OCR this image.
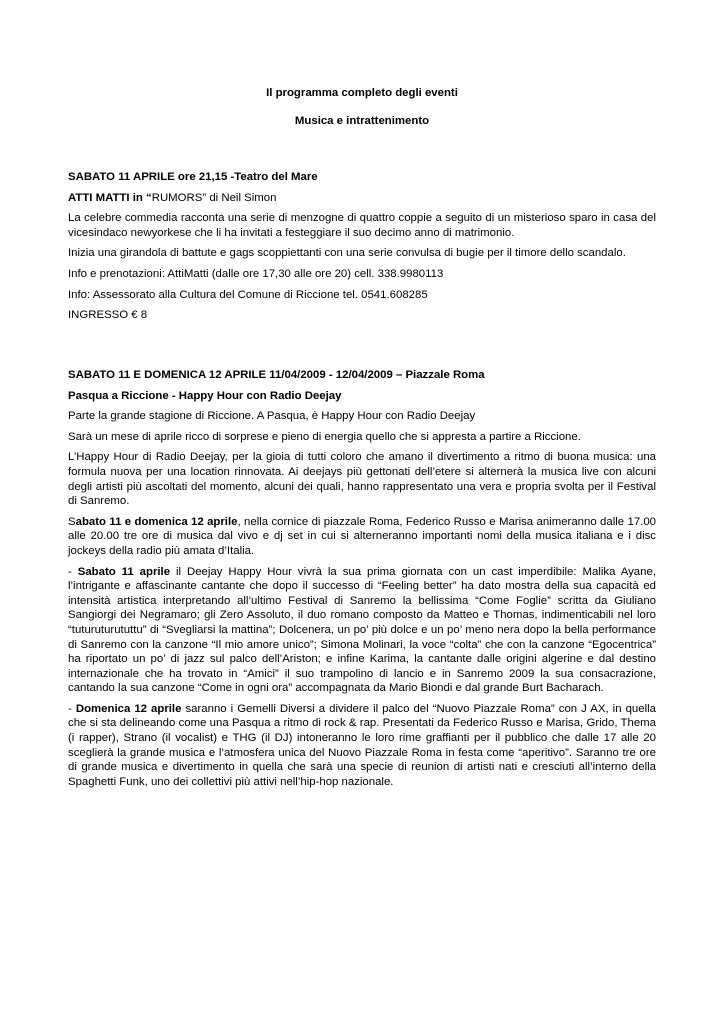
Il programma completo degli eventi
Musica e intrattenimento

SABATO 11 APRILE ore 21,15 -Teatro del Mare

ATTI MATTI in “RUMORS” di Neil Simon

La celebre commedia racconta una serie di menzogne di quattro coppie a seguito di un misterioso sparo in casa del vicesindaco newyorkese che li ha invitati a festeggiare il suo decimo anno di matrimonio.

Inizia una girandola di battute e gags scoppiettanti con una serie convulsa di bugie per il timore dello scandalo.

Info e prenotazioni: AttiMatti (dalle ore 17,30 alle ore 20) cell. 338.9980113

Info: Assessorato alla Cultura del Comune di Riccione tel. 0541.608285

INGRESSO € 8

SABATO 11 E DOMENICA 12 APRILE 11/04/2009 - 12/04/2009 – Piazzale Roma

Pasqua a Riccione - Happy Hour con Radio Deejay

Parte la grande stagione di Riccione. A Pasqua, è Happy Hour con Radio Deejay

Sarà un mese di aprile ricco di sorprese e pieno di energia quello che si appresta a partire a Riccione.

L’Happy Hour di Radio Deejay, per la gioia di tutti coloro che amano il divertimento a ritmo di buona musica: una formula nuova per una location rinnovata. Ai deejays più gettonati dell’etere si alternerà la musica live con alcuni degli artisti più ascoltati del momento, alcuni dei quali, hanno rappresentato una vera e propria svolta per il Festival di Sanremo.

Sabato 11 e domenica 12 aprile, nella cornice di piazzale Roma, Federico Russo e Marisa animeranno dalle 17.00 alle 20.00 tre ore di musica dal vivo e dj set in cui si alterneranno importanti nomi della musica italiana e i disc jockeys della radio più amata d’Italia.

- Sabato 11 aprile il Deejay Happy Hour vivrà la sua prima giornata con un cast imperdibile: Malika Ayane, l’intrigante e affascinante cantante che dopo il successo di “Feeling better” ha dato mostra della sua capacità ed intensità artistica interpretando all’ultimo Festival di Sanremo la bellissima “Come Foglie” scritta da Giuliano Sangiorgi dei Negramaro; gli Zero Assoluto, il duo romano composto da Matteo e Thomas, indimenticabili nel loro “tuturuturututtu” di “Svegliarsi la mattina”; Dolcenera, un po’ più dolce e un po’ meno nera dopo la bella performance di Sanremo con la canzone “Il mio amore unico”; Simona Molinari, la voce “colta” che con la canzone “Egocentrica” ha riportato un po’ di jazz sul palco dell’Ariston; e infine Karima, la cantante dalle origini algerine e dal destino internazionale che ha trovato in “Amici” il suo trampolino di lancio e in Sanremo 2009 la sua consacrazione, cantando la sua canzone “Come in ogni ora” accompagnata da Mario Biondi e dal grande Burt Bacharach.

- Domenica 12 aprile saranno i Gemelli Diversi a dividere il palco del “Nuovo Piazzale Roma” con J AX, in quella che si sta delineando come una Pasqua a ritmo di rock & rap. Presentati da Federico Russo e Marisa, Grido, Thema (i rapper), Strano (il vocalist) e THG (il DJ) intoneranno le loro rime graffianti per il pubblico che dalle 17 alle 20 sceglierà la grande musica e l’atmosfera unica del Nuovo Piazzale Roma in festa come “aperitivo”. Saranno tre ore di grande musica e divertimento in quella che sarà una specie di reunion di artisti nati e cresciuti all’interno della Spaghetti Funk, uno dei collettivi più attivi nell’hip-hop nazionale.
